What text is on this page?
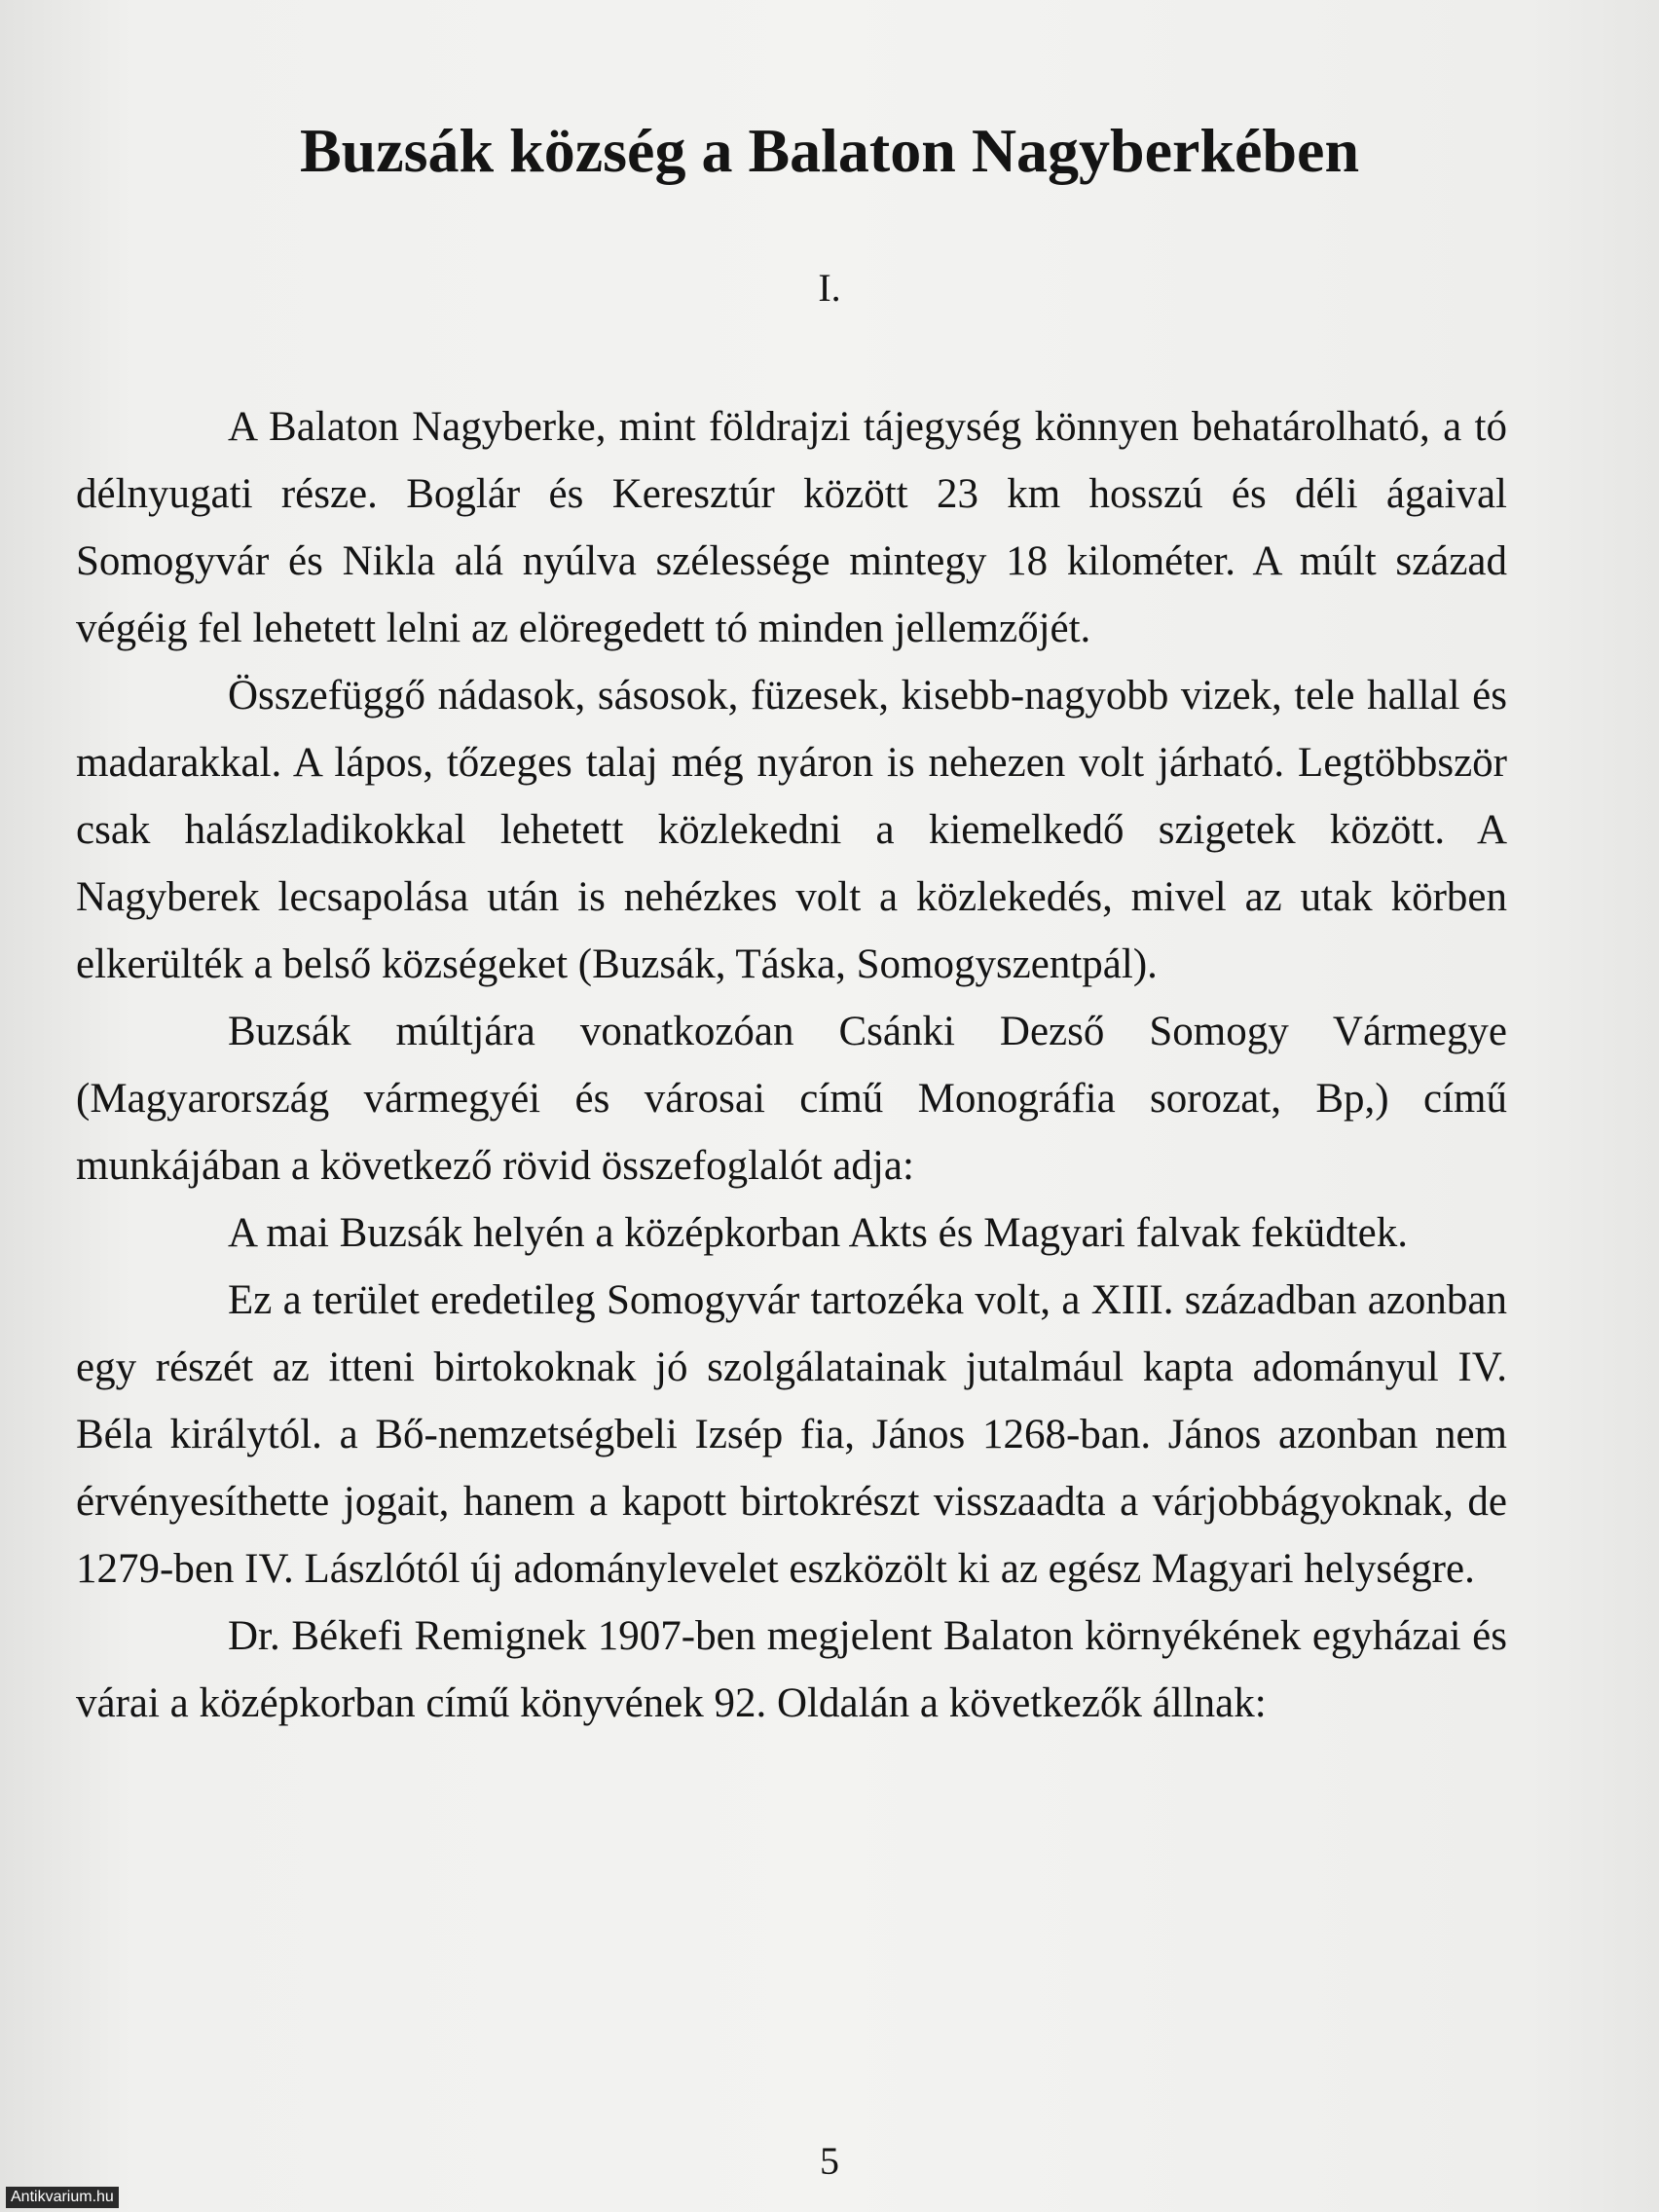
Buzsák község a Balaton Nagyberkében
I.

A Balaton Nagyberke, mint földrajzi tájegység könnyen behatárolható, a tó délnyugati része. Boglár és Keresztúr között 23 km hosszú és déli ágaival Somogyvár és Nikla alá nyúlva szélessége mintegy 18 kilométer. A múlt század végéig fel lehetett lelni az elöregedett tó minden jellemzőjét.

Összefüggő nádasok, sásosok, füzesek, kisebb-nagyobb vizek, tele hallal és madarakkal. A lápos, tőzeges talaj még nyáron is nehezen volt járható. Legtöbbször csak halászladikokkal lehetett közlekedni a kiemelkedő szigetek között. A Nagyberek lecsapolása után is nehézkes volt a közlekedés, mivel az utak körben elkerülték a belső községeket (Buzsák, Táska, Somogyszentpál).

Buzsák múltjára vonatkozóan Csánki Dezső Somogy Vármegye (Magyarország vármegyéi és városai című Monográfia sorozat, Bp,) című munkájában a következő rövid összefoglalót adja:

A mai Buzsák helyén a középkorban Akts és Magyari falvak feküdtek.

Ez a terület eredetileg Somogyvár tartozéka volt, a XIII. században azonban egy részét az itteni birtokoknak jó szolgálatainak jutalmául kapta adományul IV. Béla királytól. a Bő-nemzetségbeli Izsép fia, János 1268-ban. János azonban nem érvényesíthette jogait, hanem a kapott birtokrészt visszaadta a várjobbágyoknak, de 1279-ben IV. Lászlótól új adománylevelet eszközölt ki az egész Magyari helységre.

Dr. Békefi Remignek 1907-ben megjelent Balaton környékének egyházai és várai a középkorban című könyvének 92. Oldalán a következők állnak:

5
Antikvarium.hu
